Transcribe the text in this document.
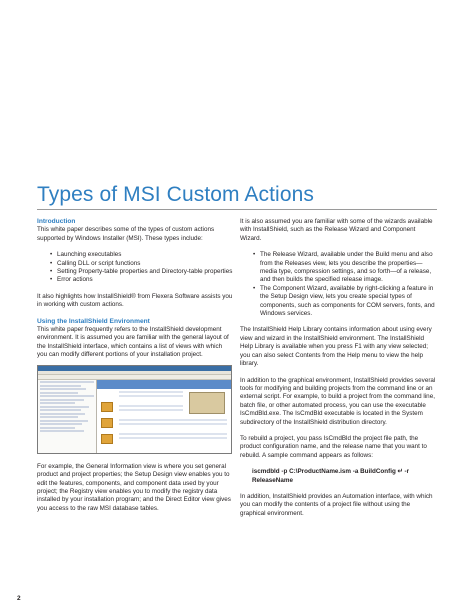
Types of MSI Custom Actions
Introduction

This white paper describes some of the types of custom actions supported by Windows Installer (MSI). These types include:

• Launching executables
• Calling DLL or script functions
• Setting Property-table properties and Directory-table properties
• Error actions

It also highlights how InstallShield® from Flexera Software assists you in working with custom actions.

Using the InstallShield Environment

This white paper frequently refers to the InstallShield development environment. It is assumed you are familiar with the general layout of the InstallShield interface, which contains a list of views with which you can modify different portions of your installation project.

For example, the General Information view is where you set general product and project properties; the Setup Design view enables you to edit the features, components, and component data used by your project; the Registry view enables you to modify the registry data installed by your installation program; and the Direct Editor view gives you access to the raw MSI database tables.

It is also assumed you are familiar with some of the wizards available with InstallShield, such as the Release Wizard and Component Wizard.

• The Release Wizard, available under the Build menu and also from the Releases view, lets you describe the properties—media type, compression settings, and so forth—of a release, and then builds the specified release image.
• The Component Wizard, available by right-clicking a feature in the Setup Design view, lets you create special types of components, such as components for COM servers, fonts, and Windows services.

The InstallShield Help Library contains information about using every view and wizard in the InstallShield environment. The InstallShield Help Library is available when you press F1 with any view selected; you can also select Contents from the Help menu to view the help library.

In addition to the graphical environment, InstallShield provides several tools for modifying and building projects from the command line or an external script. For example, to build a project from the command line, batch file, or other automated process, you can use the executable IsCmdBld.exe. The IsCmdBld executable is located in the System subdirectory of the InstallShield distribution directory.

To rebuild a project, you pass IsCmdBld the project file path, the product configuration name, and the release name that you want to rebuild. A sample command appears as follows:

iscmdbld -p C:\ProductName.ism -a BuildConfig ↵ -r ReleaseName

In addition, InstallShield provides an Automation interface, with which you can modify the contents of a project file without using the graphical environment.

2
